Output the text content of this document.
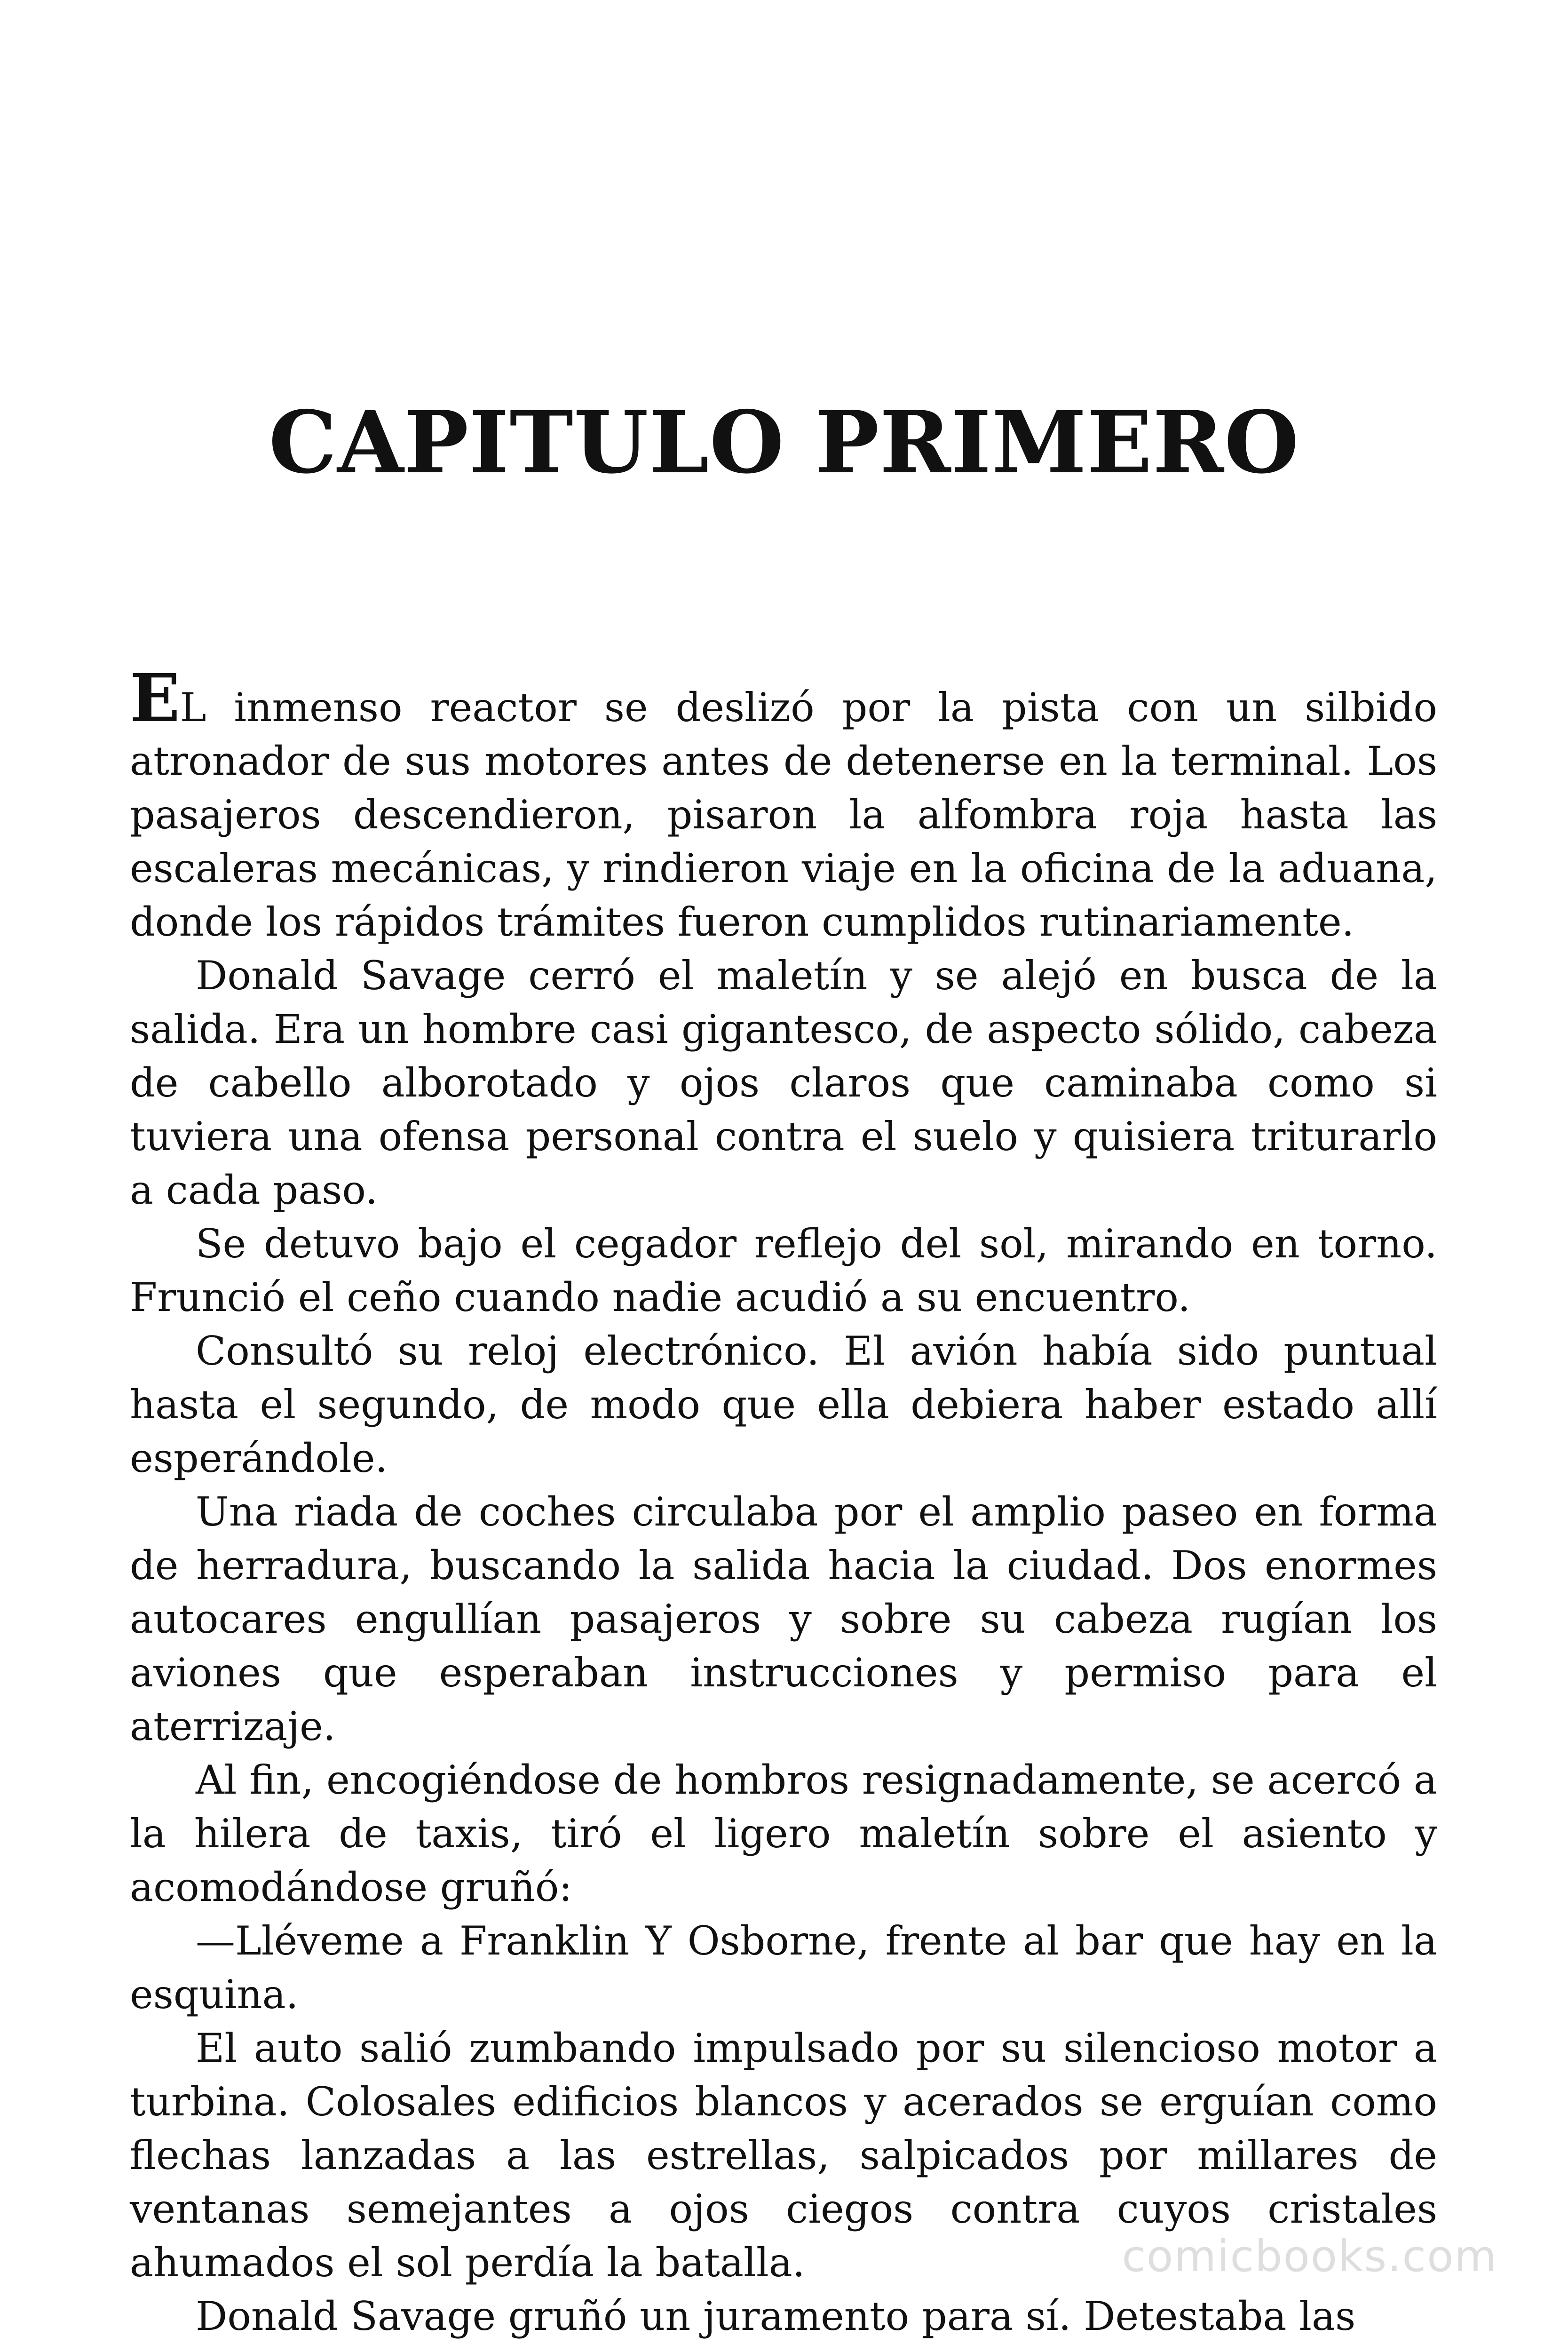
CAPITULO PRIMERO

EL inmenso reactor se deslizó por la pista con un silbido atronador de sus motores antes de detenerse en la terminal. Los pasajeros descendieron, pisaron la alfombra roja hasta las escaleras mecánicas, y rindieron viaje en la oficina de la aduana, donde los rápidos trámites fueron cumplidos rutinariamente.

Donald Savage cerró el maletín y se alejó en busca de la salida. Era un hombre casi gigantesco, de aspecto sólido, cabeza de cabello alborotado y ojos claros que caminaba como si tuviera una ofensa personal contra el suelo y quisiera triturarlo a cada paso.

Se detuvo bajo el cegador reflejo del sol, mirando en torno. Frunció el ceño cuando nadie acudió a su encuentro.

Consultó su reloj electrónico. El avión había sido puntual hasta el segundo, de modo que ella debiera haber estado allí esperándole.

Una riada de coches circulaba por el amplio paseo en forma de herradura, buscando la salida hacia la ciudad. Dos enormes autocares engullían pasajeros y sobre su cabeza rugían los aviones que esperaban instrucciones y permiso para el aterrizaje.

Al fin, encogiéndose de hombros resignadamente, se acercó a la hilera de taxis, tiró el ligero maletín sobre el asiento y acomodándose gruñó:

—Lléveme a Franklin Y Osborne, frente al bar que hay en la esquina.

El auto salió zumbando impulsado por su silencioso motor a turbina. Colosales edificios blancos y acerados se erguían como flechas lanzadas a las estrellas, salpicados por millares de ventanas semejantes a ojos ciegos contra cuyos cristales ahumados el sol perdía la batalla.

Donald Savage gruñó un juramento para sí. Detestaba las

comicbooks.com
